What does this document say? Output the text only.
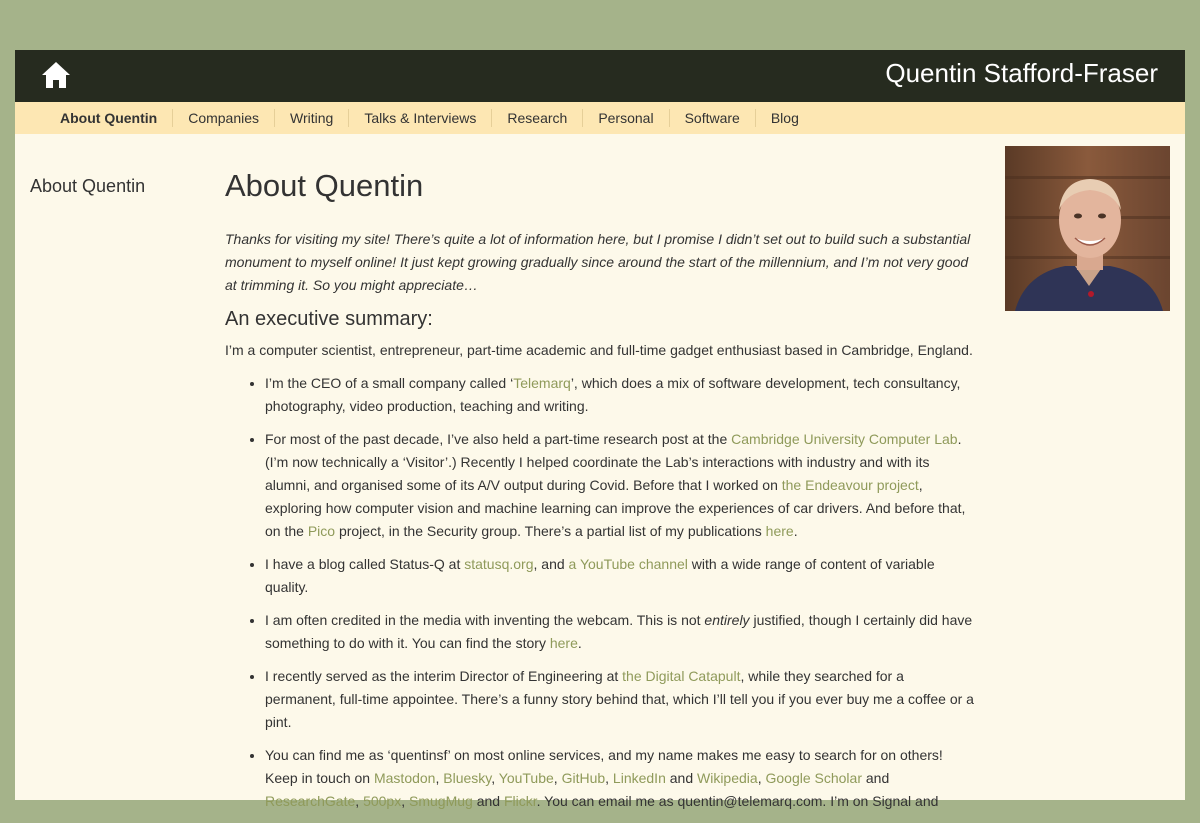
Quentin Stafford-Fraser
About Quentin	Companies	Writing	Talks & Interviews	Research	Personal	Software	Blog
About Quentin	About Quentin

Thanks for visiting my site! There’s quite a lot of information here, but I promise I didn’t set out to build such a substantial monument to myself online! It just kept growing gradually since around the start of the millennium, and I’m not very good at trimming it. So you might appreciate…

An executive summary:

I’m a computer scientist, entrepreneur, part-time academic and full-time gadget enthusiast based in Cambridge, England.

• I’m the CEO of a small company called ‘Telemarq’, which does a mix of software development, tech consultancy, photography, video production, teaching and writing.
• For most of the past decade, I’ve also held a part-time research post at the Cambridge University Computer Lab. (I’m now technically a ‘Visitor’.) Recently I helped coordinate the Lab’s interactions with industry and with its alumni, and organised some of its A/V output during Covid. Before that I worked on the Endeavour project, exploring how computer vision and machine learning can improve the experiences of car drivers. And before that, on the Pico project, in the Security group. There’s a partial list of my publications here.
• I have a blog called Status-Q at statusq.org, and a YouTube channel with a wide range of content of variable quality.
• I am often credited in the media with inventing the webcam. This is not entirely justified, though I certainly did have something to do with it. You can find the story here.
• I recently served as the interim Director of Engineering at the Digital Catapult, while they searched for a permanent, full-time appointee. There’s a funny story behind that, which I’ll tell you if you ever buy me a coffee or a pint.
• You can find me as ‘quentinsf’ on most online services, and my name makes me easy to search for on others! Keep in touch on Mastodon, Bluesky, YouTube, GitHub, LinkedIn and Wikipedia, Google Scholar and ResearchGate, 500px, SmugMug and Flickr. You can email me as quentin@telemarq.com. I’m on Signal and
